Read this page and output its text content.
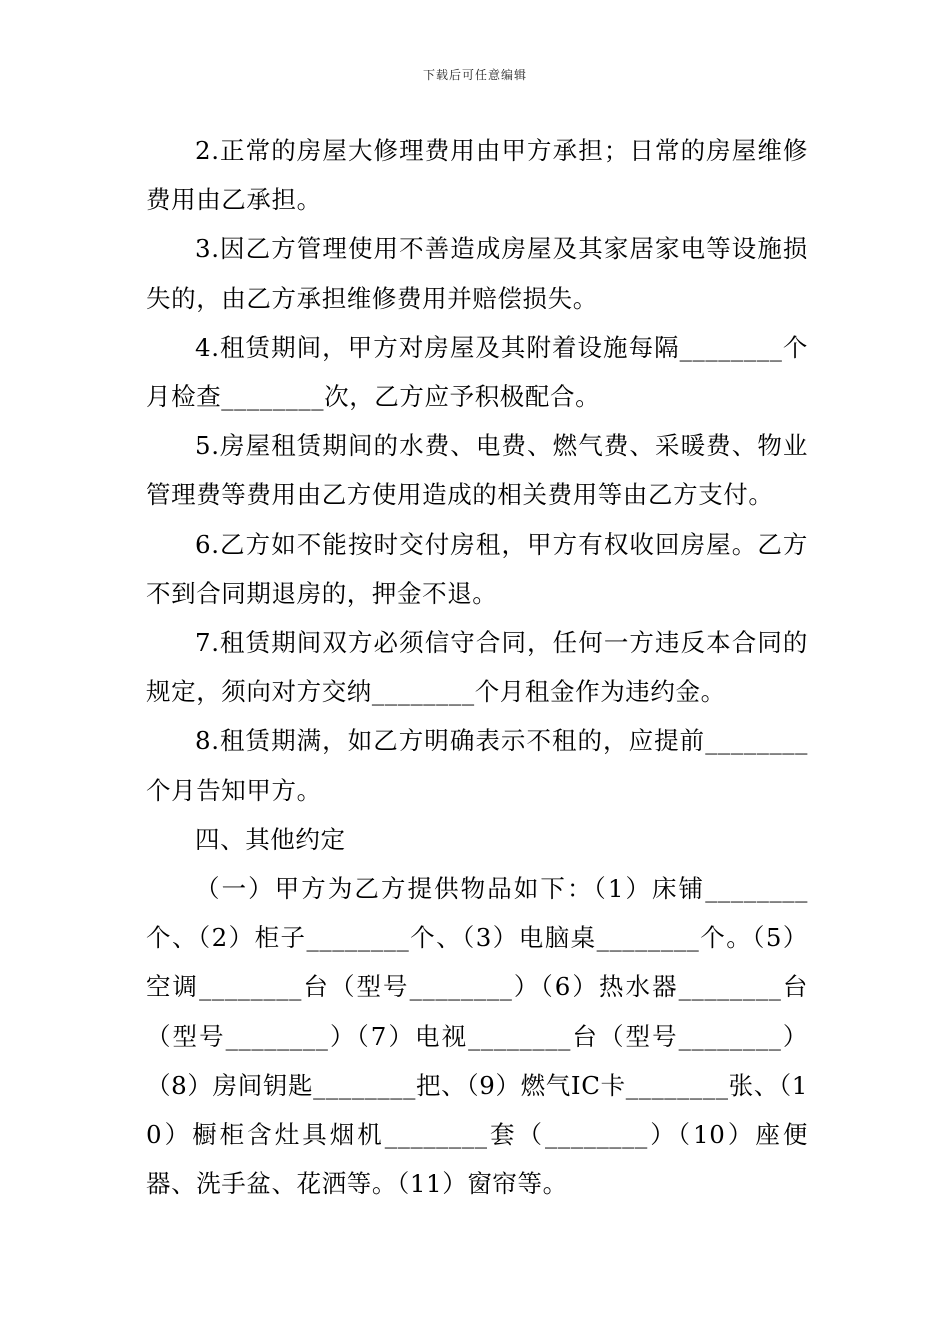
下载后可任意编辑

2.正常的房屋大修理费用由甲方承担；日常的房屋维修费用由乙承担。

3.因乙方管理使用不善造成房屋及其家居家电等设施损失的，由乙方承担维修费用并赔偿损失。

4.租赁期间，甲方对房屋及其附着设施每隔________个月检查________次，乙方应予积极配合。

5.房屋租赁期间的水费、电费、燃气费、采暖费、物业管理费等费用由乙方使用造成的相关费用等由乙方支付。

6.乙方如不能按时交付房租，甲方有权收回房屋。乙方不到合同期退房的，押金不退。

7.租赁期间双方必须信守合同，任何一方违反本合同的规定，须向对方交纳________个月租金作为违约金。

8.租赁期满，如乙方明确表示不租的，应提前________个月告知甲方。

四、其他约定

（一）甲方为乙方提供物品如下：（1）床铺________个、（2）柜子________个、（3）电脑桌________个。（5）空调________台（型号________）（6）热水器________台（型号________）（7）电视________台（型号________）（8）房间钥匙________把、（9）燃气IC卡________张、（10）橱柜含灶具烟机________套（________）（10）座便器、洗手盆、花洒等。（11）窗帘等。
